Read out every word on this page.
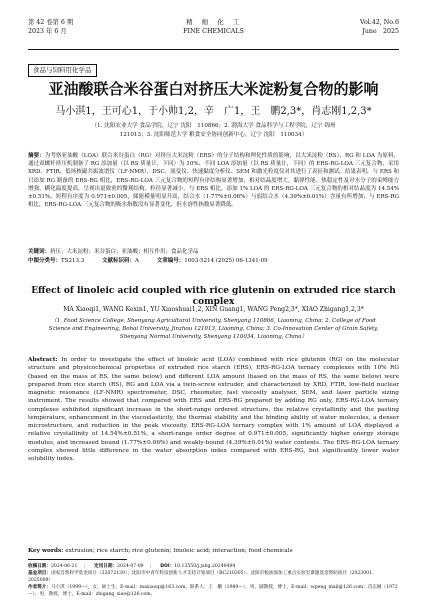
第 42 卷第 6 期
2023 年 6 月
精　细　化　工
FINE CHEMICALS
Vol.42, No.6
June　2025
食品与饲料用化学品
亚油酸联合米谷蛋白对挤压大米淀粉复合物的影响
马小淇1，王可心1，于小帅1,2，辛　广1，王　鹏2,3*，肖志刚1,2,3*
（1. 沈阳农业大学 食品学院，辽宁 沈阳　110866；2. 渤海大学 食品科学与工程学院，辽宁 锦州
121013；3. 沈阳师范大学 粮食安全协同创新中心，辽宁 沈阳　110034）
摘要：为考察亚油酸（LOA）联合米谷蛋白（RG）对挤压大米淀粉（ERS）的分子结构和理化性质的影响，以大米淀粉（RS）、RG 和 LOA 为原料，通过双螺杆挤压机制备了 RG 添加量（以 RS 质量计，下同）为 10%、不同 LOA 添加量（以 RS 质量计，下同）的 ERS-RG-LOA 三元复合物，采用 XRD、FTIR、低场核磁共振波谱仪（LF-NMR）、DSC、流变仪、快速黏度分析仪、SEM 和激光粒度仪对其进行了表征和测试。结果表明，与 ERS 和只添加 RG 制备的 ERS-RG 相比，ERS-RG-LOA 三元复合物的短程有序结构显著增加，相对结晶度增大，黏弹性能、热稳定性及对水分子的束缚能力增强，糊化温度提高，呈现出更致密的微观结构，粒径显著减小。与 ERS 相比，添加 1% LOA 的 ERS-RG-LOA 三元复合物的相对结晶度为 14.54%±0.51%，短程有序度为 0.971±0.005，储能模量明显升高，结合水（1.77%±0.06%）与弱结合水（4.39%±0.01%）含量有所增加；与 ERS-RG 相比，ERS-RG-LOA 三元复合物的吸水指数没有显著变化，但水溶性指数显著降低。
关键词：挤压；大米淀粉；米谷蛋白；亚油酸；相互作用；食品化学品
中图分类号：TS213.3	文献标识码：A	文章编号：1003-5214 (2025) 06-1341-09
Effect of linoleic acid coupled with rice glutenin on extruded rice starch complex
MA Xiaoqi1, WANG Kexin1, YU Xiaoshuai1,2, XIN Guang1, WANG Peng2,3*, XIAO Zhigang1,2,3*
（1. Food Science College, Shenyang Agricultural University, Shenyang 110866, Liaoning, China; 2. College of Food Science and Engineering, Bohai University, Jinzhou 121013, Liaoning, China; 3. Co-Innovation Center of Grain Safety, Shenyang Normal University, Shenyang 110034, Liaoning, China）
Abstract: In order to investigate the effect of linoleic acid (LOA) combined with rice glutenin (RG) on the molecular structure and physicochemical properties of extruded rice starch (ERS), ERS-RG-LOA ternary complexes with 10% RG (based on the mass of RS, the same below) and different LOA amount (based on the mass of RS, the same below) were prepared from rice starch (RS), RG and LOA via a twin-screw extruder, and characterized by XRD, FTIR, low-field nuclear magnetic resonance (LF-NMR) spectrometer, DSC, rheometer, fast viscosity analyser, SEM, and laser particle sizing instrument. The results showed that compared with ERS and ERS-RG prepared by adding RG only, ERS-RG-LOA ternary complexes exhibited significant increase in the short-range ordered structure, the relative crystallinity and the pasting temperature, enhancement in the viscoelasticity, the thermal stability and the binding ability of water molecules, a denser microstructure, and reduction in the peak viscosity. ERS-RG-LOA ternary complex with 1% amount of LOA displayed a relative crystallinity of 14.54%±0.51%, a short-range order degree of 0.971±0.005, significantly higher energy storage modulus, and increased bound (1.77%±0.06%) and weakly-bound (4.39%±0.01%) water contents. The ERS-RG-LOA ternary complex showed little difference in the water absorption index compared with ERS-RG, but significantly lower water solubility index.
Key words: extrusion; rice starch; rice glutenin; linoleic acid; interaction; food chemicals
收稿日期：2024-06-21 ； 定用日期：2024-07-09 ； DOI：10.13550/j.jxhg.20240494
基金项目：国家自然科学基金项目（32072139）；沈阳市中青年科技创新人才支持计划项目（RC210305）；沈阳市粮油深加工重点实验室课题基金资助项目（2023001、2025009）
作者简介：马小淇（1999—），女，硕士生，E-mail：maxiaoqi@163.com。联系人：王　鹏（1989—），男，副教授，博士，E-mail：wpeng_mail@126.com；肖志刚（1972—），男，教授，博士，E-mail：zhigang_xiao@126.com。
